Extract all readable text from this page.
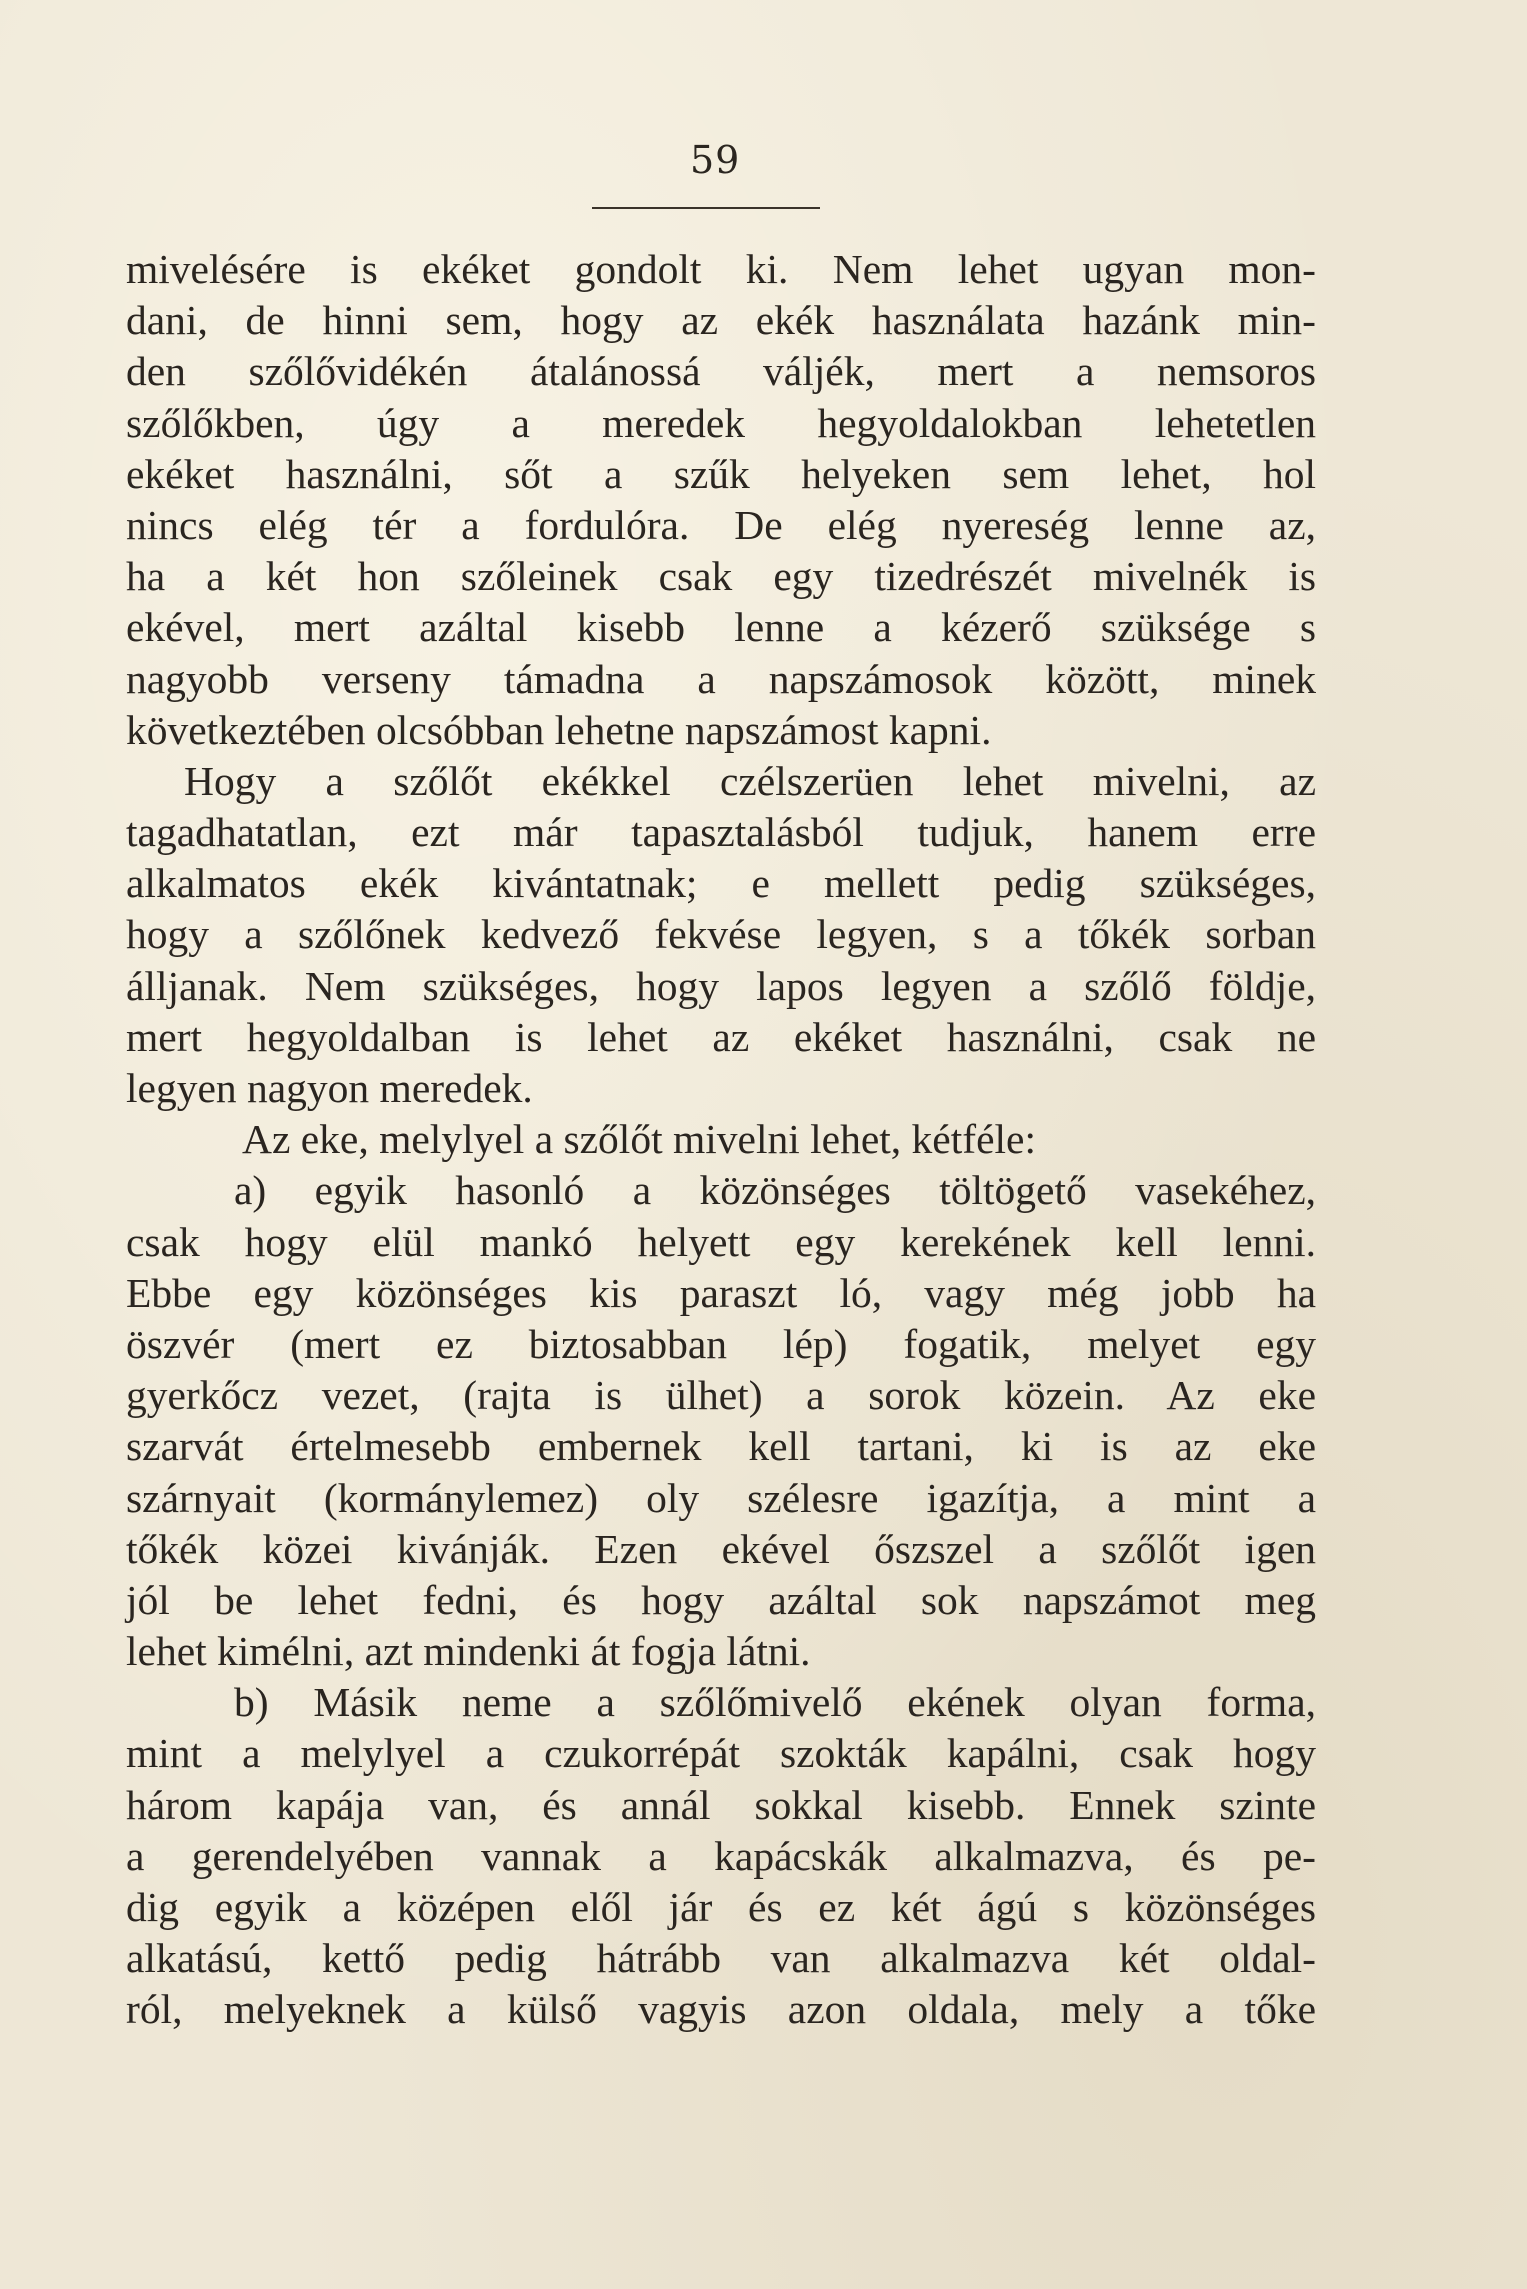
59
mivelésére is ekéket gondolt ki. Nem lehet ugyan mon-
dani, de hinni sem, hogy az ekék használata hazánk min-
den szőlővidékén átalánossá váljék, mert a nemsoros
szőlőkben, úgy a meredek hegyoldalokban lehetetlen
ekéket használni, sőt a szűk helyeken sem lehet, hol
nincs elég tér a fordulóra. De elég nyereség lenne az,
ha a két hon szőleinek csak egy tizedrészét mivelnék is
ekével, mert azáltal kisebb lenne a kézerő szüksége s
nagyobb verseny támadna a napszámosok között, minek
következtében olcsóbban lehetne napszámost kapni.
Hogy a szőlőt ekékkel czélszerüen lehet mivelni, az
tagadhatatlan, ezt már tapasztalásból tudjuk, hanem erre
alkalmatos ekék kivántatnak; e mellett pedig szükséges,
hogy a szőlőnek kedvező fekvése legyen, s a tőkék sorban
álljanak. Nem szükséges, hogy lapos legyen a szőlő földje,
mert hegyoldalban is lehet az ekéket használni, csak ne
legyen nagyon meredek.
Az eke, melylyel a szőlőt mivelni lehet, kétféle:
a) egyik hasonló a közönséges töltögető vasekéhez,
csak hogy elül mankó helyett egy kerekének kell lenni.
Ebbe egy közönséges kis paraszt ló, vagy még jobb ha
öszvér (mert ez biztosabban lép) fogatik, melyet egy
gyerkőcz vezet, (rajta is ülhet) a sorok közein. Az eke
szarvát értelmesebb embernek kell tartani, ki is az eke
szárnyait (kormánylemez) oly szélesre igazítja, a mint a
tőkék közei kivánják. Ezen ekével őszszel a szőlőt igen
jól be lehet fedni, és hogy azáltal sok napszámot meg
lehet kimélni, azt mindenki át fogja látni.
b) Másik neme a szőlőmivelő ekének olyan forma,
mint a melylyel a czukorrépát szokták kapálni, csak hogy
három kapája van, és annál sokkal kisebb. Ennek szinte
a gerendelyében vannak a kapácskák alkalmazva, és pe-
dig egyik a középen elől jár és ez két ágú s közönséges
alkatású, kettő pedig hátrább van alkalmazva két oldal-
ról, melyeknek a külső vagyis azon oldala, mely a tőke
